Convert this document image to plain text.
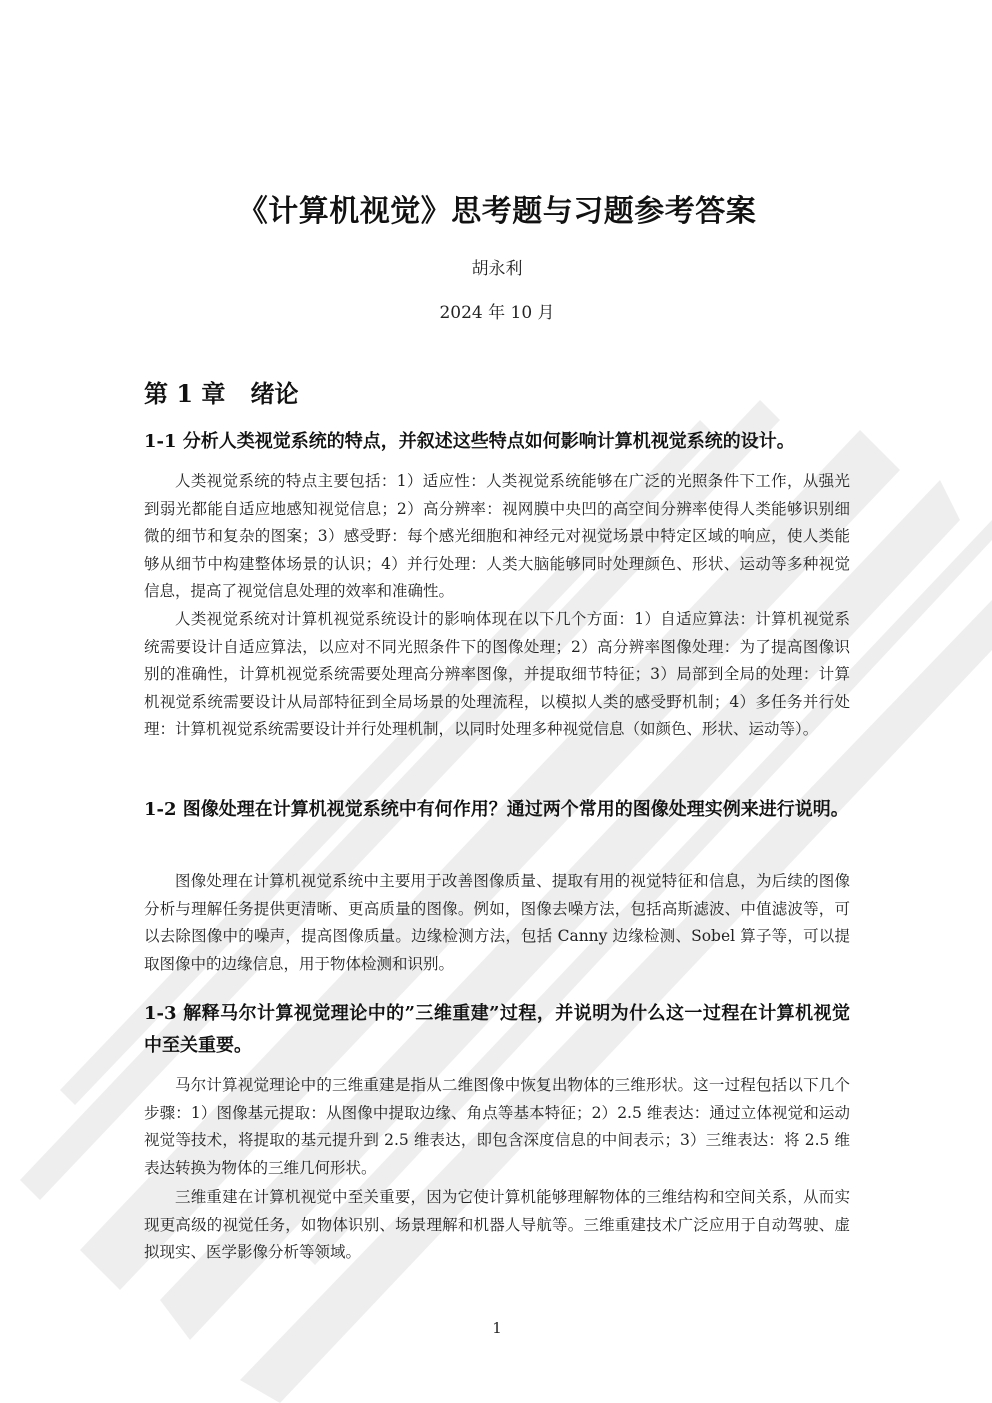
《计算机视觉》思考题与习题参考答案
胡永利
2024 年 10 月
第 1 章   绪论
1-1 分析人类视觉系统的特点，并叙述这些特点如何影响计算机视觉系统的设计。
人类视觉系统的特点主要包括：1）适应性：人类视觉系统能够在广泛的光照条件下工作，从强光到弱光都能自适应地感知视觉信息；2）高分辨率：视网膜中央凹的高空间分辨率使得人类能够识别细微的细节和复杂的图案；3）感受野：每个感光细胞和神经元对视觉场景中特定区域的响应，使人类能够从细节中构建整体场景的认识；4）并行处理：人类大脑能够同时处理颜色、形状、运动等多种视觉信息，提高了视觉信息处理的效率和准确性。
人类视觉系统对计算机视觉系统设计的影响体现在以下几个方面：1）自适应算法：计算机视觉系统需要设计自适应算法，以应对不同光照条件下的图像处理；2）高分辨率图像处理：为了提高图像识别的准确性，计算机视觉系统需要处理高分辨率图像，并提取细节特征；3）局部到全局的处理：计算机视觉系统需要设计从局部特征到全局场景的处理流程，以模拟人类的感受野机制；4）多任务并行处理：计算机视觉系统需要设计并行处理机制，以同时处理多种视觉信息（如颜色、形状、运动等）。
1-2 图像处理在计算机视觉系统中有何作用？通过两个常用的图像处理实例来进行说明。
图像处理在计算机视觉系统中主要用于改善图像质量、提取有用的视觉特征和信息，为后续的图像分析与理解任务提供更清晰、更高质量的图像。例如，图像去噪方法，包括高斯滤波、中值滤波等，可以去除图像中的噪声，提高图像质量。边缘检测方法，包括 Canny 边缘检测、Sobel 算子等，可以提取图像中的边缘信息，用于物体检测和识别。
1-3 解释马尔计算视觉理论中的”三维重建”过程，并说明为什么这一过程在计算机视觉中至关重要。
马尔计算视觉理论中的三维重建是指从二维图像中恢复出物体的三维形状。这一过程包括以下几个步骤：1）图像基元提取：从图像中提取边缘、角点等基本特征；2）2.5 维表达：通过立体视觉和运动视觉等技术，将提取的基元提升到 2.5 维表达，即包含深度信息的中间表示；3）三维表达：将 2.5 维表达转换为物体的三维几何形状。
三维重建在计算机视觉中至关重要，因为它使计算机能够理解物体的三维结构和空间关系，从而实现更高级的视觉任务，如物体识别、场景理解和机器人导航等。三维重建技术广泛应用于自动驾驶、虚拟现实、医学影像分析等领域。
1
